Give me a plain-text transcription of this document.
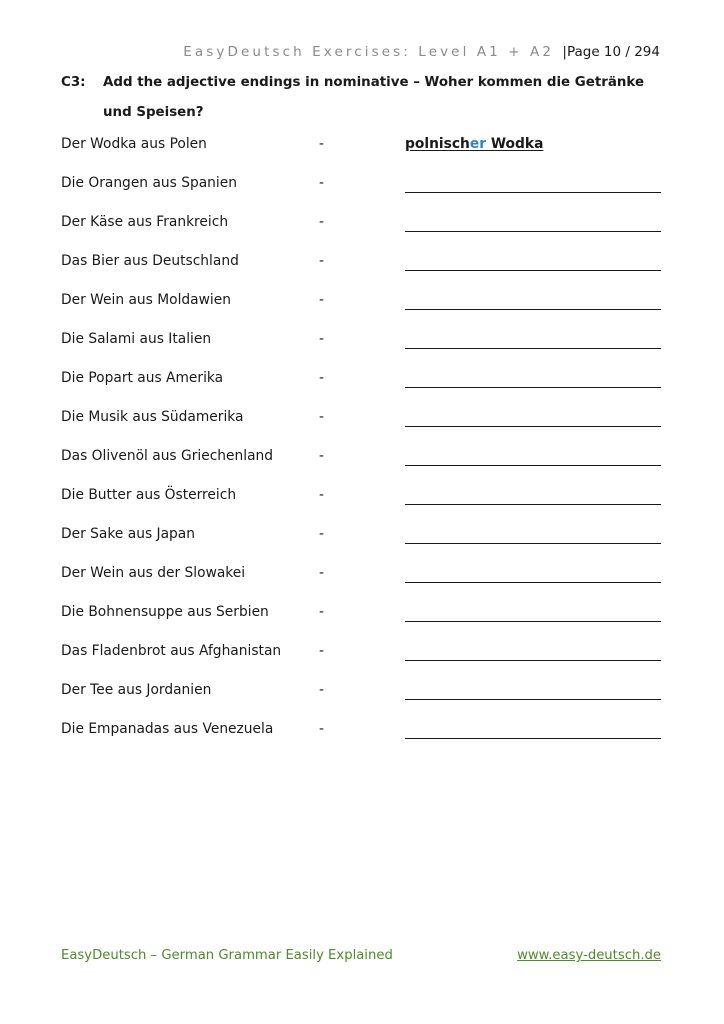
EasyDeutsch Exercises: Level A1 + A2 |Page 10 / 294
C3: Add the adjective endings in nominative – Woher kommen die Getränke und Speisen?
Der Wodka aus Polen	-	polnischer Wodka
Die Orangen aus Spanien	-
Der Käse aus Frankreich	-
Das Bier aus Deutschland	-
Der Wein aus Moldawien	-
Die Salami aus Italien	-
Die Popart aus Amerika	-
Die Musik aus Südamerika	-
Das Olivenöl aus Griechenland	-
Die Butter aus Österreich	-
Der Sake aus Japan	-
Der Wein aus der Slowakei	-
Die Bohnensuppe aus Serbien	-
Das Fladenbrot aus Afghanistan	-
Der Tee aus Jordanien	-
Die Empanadas aus Venezuela	-
EasyDeutsch – German Grammar Easily Explained	www.easy-deutsch.de
